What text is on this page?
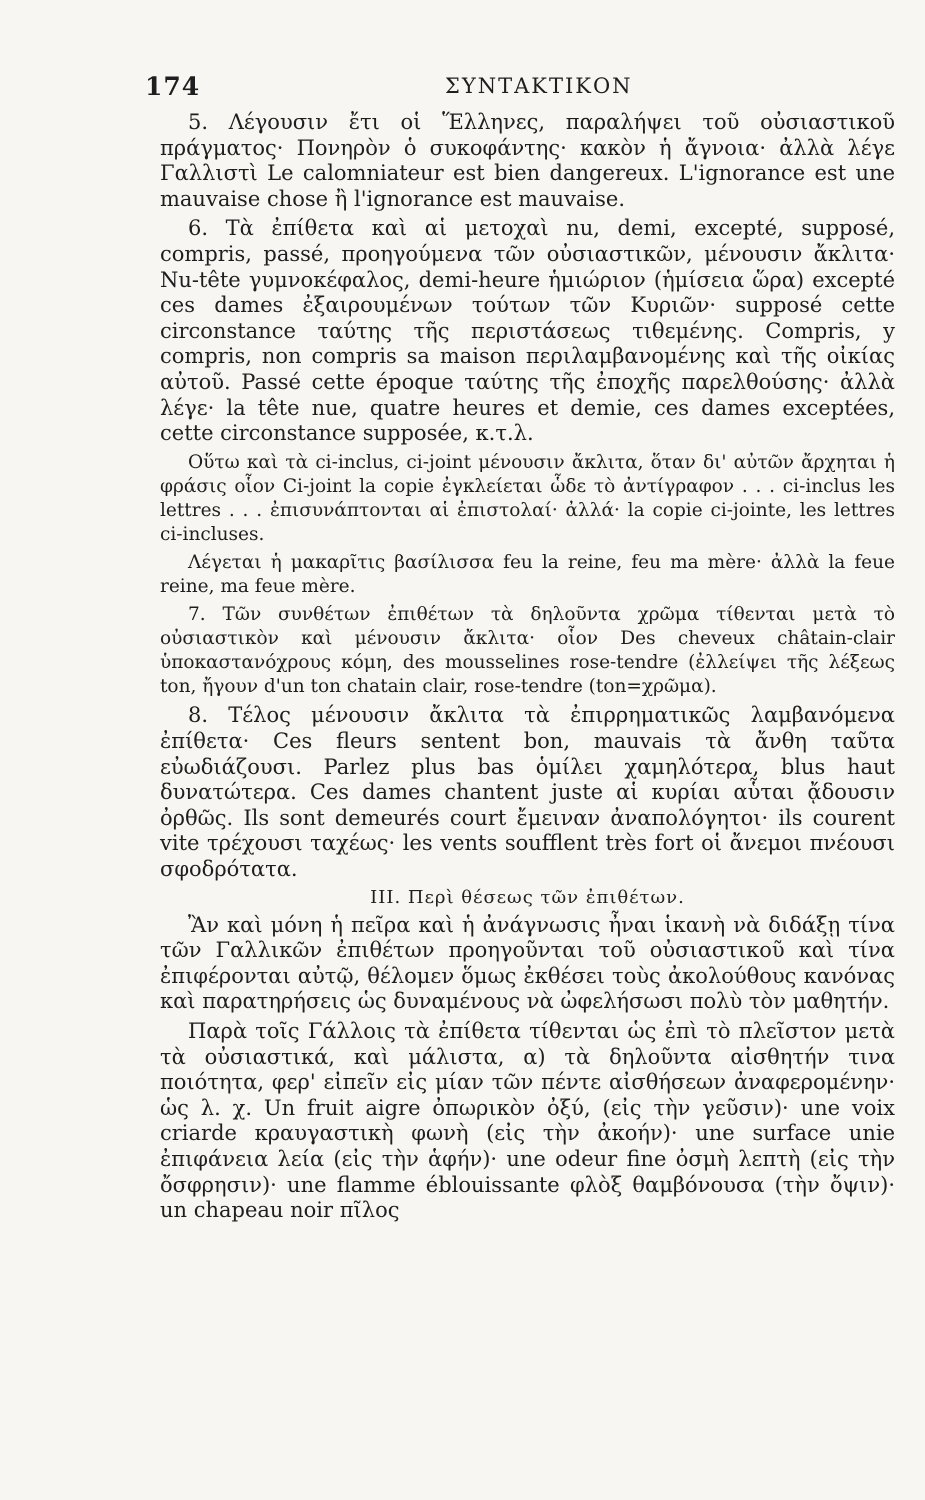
174	ΣΥΝΤΑΚΤΙΚΟΝ

5. Λέγουσιν ἔτι οἱ Ἕλληνες, παραλήψει τοῦ οὐσιαστικοῦ πράγματος· Πονηρὸν ὁ συκοφάντης· κακὸν ἡ ἄγνοια· ἀλλὰ λέγε Γαλλιστὶ Le calomniateur est bien dangereux. L'ignorance est une mauvaise chose ἢ l'ignorance est mauvaise.

6. Τὰ ἐπίθετα καὶ αἱ μετοχαὶ nu, demi, excepté, supposé, compris, passé, προηγούμενα τῶν οὐσιαστικῶν, μένουσιν ἄκλιτα· Nu-tête γυμνοκέφαλος, demi-heure ἡμιώριον (ἡμίσεια ὥρα) excepté ces dames ἐξαιρουμένων τούτων τῶν Κυριῶν· supposé cette circonstance ταύτης τῆς περιστάσεως τιθεμένης. Compris, y compris, non compris sa maison περιλαμβανομένης καὶ τῆς οἰκίας αὐτοῦ. Passé cette époque ταύτης τῆς ἐποχῆς παρελθούσης· ἀλλὰ λέγε· la tête nue, quatre heures et demie, ces dames exceptées, cette circonstance supposée, κ.τ.λ.

Οὕτω καὶ τὰ ci-inclus, ci-joint μένουσιν ἄκλιτα, ὅταν δι' αὐτῶν ἄρχηται ἡ φράσις οἷον Ci-joint la copie ἐγκλείεται ὧδε τὸ ἀντίγραφον . . . ci-inclus les lettres . . . ἐπισυνάπτονται αἱ ἐπιστολαί· ἀλλά· la copie ci-jointe, les lettres ci-incluses.

Λέγεται ἡ μακαρῖτις βασίλισσα feu la reine, feu ma mère· ἀλλὰ la feue reine, ma feue mère.

7. Τῶν συνθέτων ἐπιθέτων τὰ δηλοῦντα χρῶμα τίθενται μετὰ τὸ οὐσιαστικὸν καὶ μένουσιν ἄκλιτα· οἷον Des cheveux châtain-clair ὑποκαστανόχρους κόμη, des mousselines rose-tendre (ἐλλείψει τῆς λέξεως ton, ἤγουν d'un ton chatain clair, rose-tendre (ton=χρῶμα).

8. Τέλος μένουσιν ἄκλιτα τὰ ἐπιρρηματικῶς λαμβανόμενα ἐπίθετα· Ces fleurs sentent bon, mauvais τὰ ἄνθη ταῦτα εὐωδιάζουσι. Parlez plus bas ὁμίλει χαμηλότερα, blus haut δυνατώτερα. Ces dames chantent juste αἱ κυρίαι αὗται ᾄδουσιν ὀρθῶς. Ils sont demeurés court ἔμειναν ἀναπολόγητοι· ils courent vite τρέχουσι ταχέως· les vents soufflent très fort οἱ ἄνεμοι πνέουσι σφοδρότατα.

III. Περὶ θέσεως τῶν ἐπιθέτων.

Ἂν καὶ μόνη ἡ πεῖρα καὶ ἡ ἀνάγνωσις ἦναι ἱκανὴ νὰ διδάξῃ τίνα τῶν Γαλλικῶν ἐπιθέτων προηγοῦνται τοῦ οὐσιαστικοῦ καὶ τίνα ἐπιφέρονται αὐτῷ, θέλομεν ὅμως ἐκθέσει τοὺς ἀκολούθους κανόνας καὶ παρατηρήσεις ὡς δυναμένους νὰ ὠφελήσωσι πολὺ τὸν μαθητήν.

Παρὰ τοῖς Γάλλοις τὰ ἐπίθετα τίθενται ὡς ἐπὶ τὸ πλεῖστον μετὰ τὰ οὐσιαστικά, καὶ μάλιστα, α) τὰ δηλοῦντα αἰσθητήν τινα ποιότητα, φερ' εἰπεῖν εἰς μίαν τῶν πέντε αἰσθήσεων ἀναφερομένην· ὡς λ. χ. Un fruit aigre ὀπωρικὸν ὀξύ, (εἰς τὴν γεῦσιν)· une voix criarde κραυγαστικὴ φωνὴ (εἰς τὴν ἀκοήν)· une surface unie ἐπιφάνεια λεία (εἰς τὴν ἁφήν)· une odeur fine ὀσμὴ λεπτὴ (εἰς τὴν ὄσφρησιν)· une flamme éblouissante φλὸξ θαμβόνουσα (τὴν ὄψιν)· un chapeau noir πῖλος
